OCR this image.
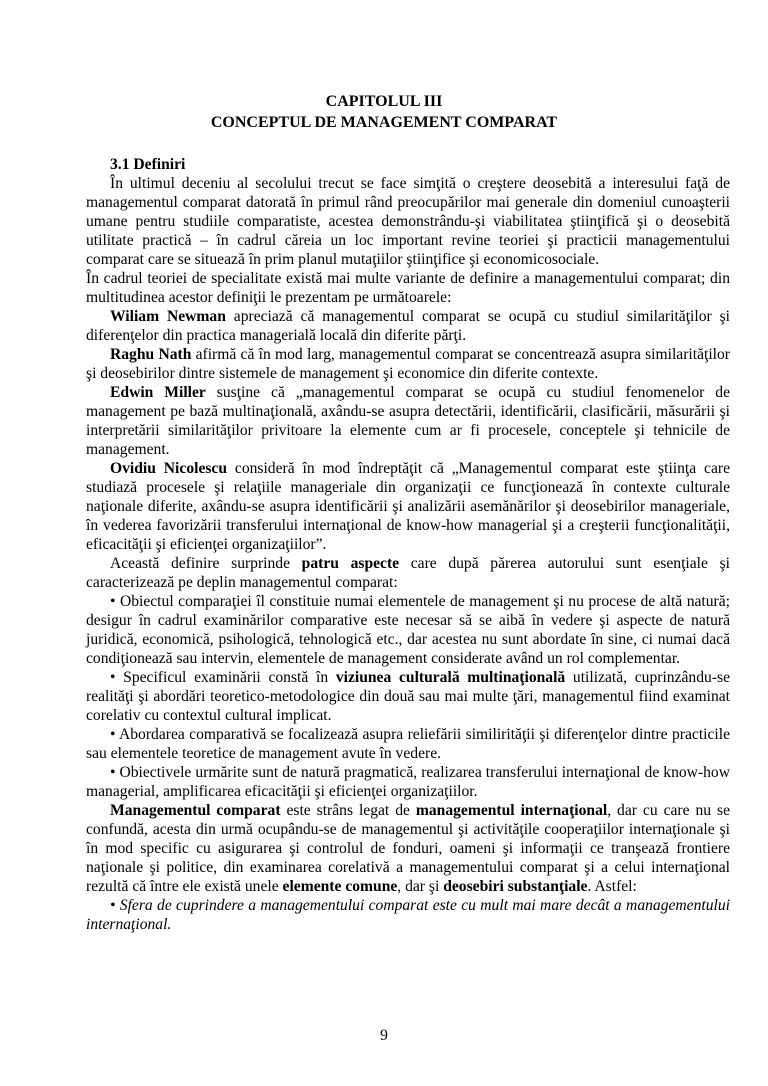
CAPITOLUL III
CONCEPTUL DE MANAGEMENT COMPARAT

3.1 Definiri

În ultimul deceniu al secolului trecut se face simţită o creştere deosebită a interesului faţă de managementul comparat datorată în primul rând preocupărilor mai generale din domeniul cunoaşterii umane pentru studiile comparatiste, acestea demonstrându-şi viabilitatea ştiinţifică şi o deosebită utilitate practică – în cadrul căreia un loc important revine teoriei şi practicii managementului comparat care se situează în prim planul mutaţiilor ştiinţifice şi economicosociale.

În cadrul teoriei de specialitate există mai multe variante de definire a managementului comparat; din multitudinea acestor definiţii le prezentam pe următoarele:

Wiliam Newman apreciază că managementul comparat se ocupă cu studiul similarităţilor şi diferenţelor din practica managerială locală din diferite părţi.

Raghu Nath afirmă că în mod larg, managementul comparat se concentrează asupra similarităţilor şi deosebirilor dintre sistemele de management şi economice din diferite contexte.

Edwin Miller susţine că „managementul comparat se ocupă cu studiul fenomenelor de management pe bază multinaţională, axându-se asupra detectării, identificării, clasificării, măsurării şi interpretării similarităţilor privitoare la elemente cum ar fi procesele, conceptele şi tehnicile de management.

Ovidiu Nicolescu consideră în mod îndreptăţit că „Managementul comparat este ştiinţa care studiază procesele şi relaţiile manageriale din organizaţii ce funcţionează în contexte culturale naţionale diferite, axându-se asupra identificării şi analizării asemănărilor şi deosebirilor manageriale, în vederea favorizării transferului internaţional de know-how managerial şi a creşterii funcţionalităţii, eficacităţii şi eficienţei organizaţiilor”.

Această definire surprinde patru aspecte care după părerea autorului sunt esenţiale şi caracterizează pe deplin managementul comparat:

• Obiectul comparaţiei îl constituie numai elementele de management şi nu procese de altă natură; desigur în cadrul examinărilor comparative este necesar să se aibă în vedere şi aspecte de natură juridică, economică, psihologică, tehnologică etc., dar acestea nu sunt abordate în sine, ci numai dacă condiţionează sau intervin, elementele de management considerate având un rol complementar.

• Specificul examinării constă în viziunea culturală multinaţională utilizată, cuprinzându-se realităţi şi abordări teoretico-metodologice din două sau mai multe ţări, managementul fiind examinat corelativ cu contextul cultural implicat.

• Abordarea comparativă se focalizează asupra reliefării similirităţii şi diferenţelor dintre practicile sau elementele teoretice de management avute în vedere.

• Obiectivele urmărite sunt de natură pragmatică, realizarea transferului internaţional de know-how managerial, amplificarea eficacităţii şi eficienţei organizaţiilor.

Managementul comparat este strâns legat de managementul internaţional, dar cu care nu se confundă, acesta din urmă ocupându-se de managementul şi activităţile cooperaţiilor internaţionale şi în mod specific cu asigurarea şi controlul de fonduri, oameni şi informaţii ce tranşează frontiere naţionale şi politice, din examinarea corelativă a managementului comparat şi a celui internaţional rezultă că între ele există unele elemente comune, dar şi deosebiri substanţiale. Astfel:

• Sfera de cuprindere a managementului comparat este cu mult mai mare decât a managementului internaţional.

9
